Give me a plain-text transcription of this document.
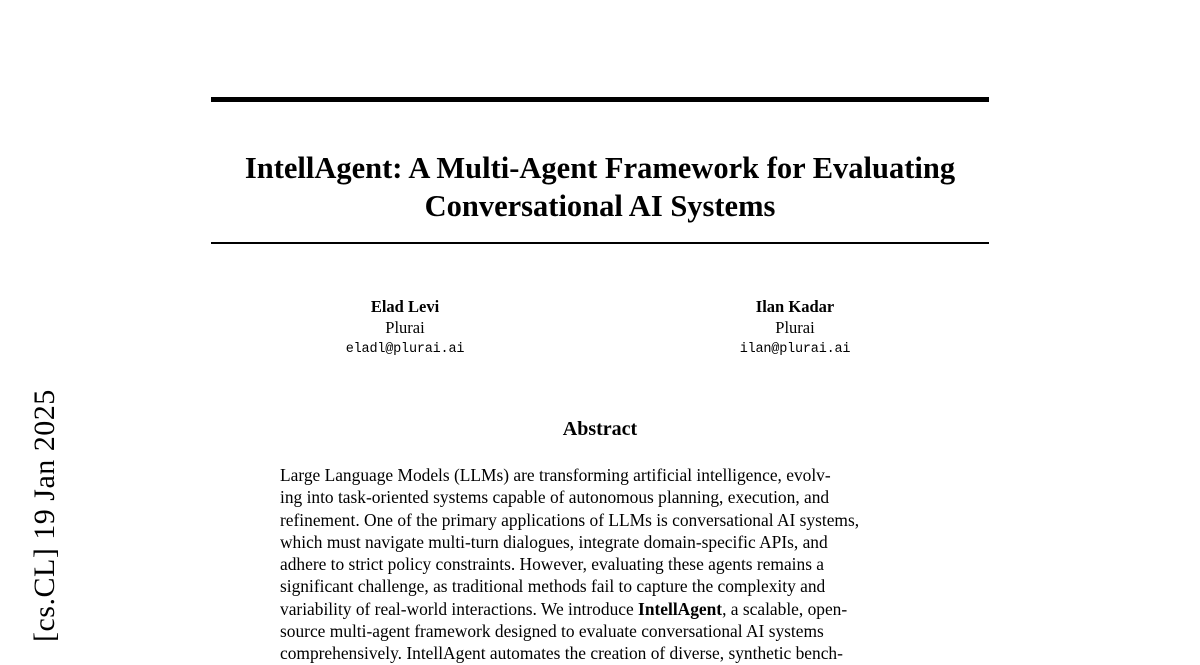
[cs.CL] 19 Jan 2025
IntellAgent: A Multi-Agent Framework for Evaluating
Conversational AI Systems
Elad Levi
Plurai
eladl@plurai.ai
Ilan Kadar
Plurai
ilan@plurai.ai
Abstract
Large Language Models (LLMs) are transforming artificial intelligence, evolv-
ing into task-oriented systems capable of autonomous planning, execution, and
refinement. One of the primary applications of LLMs is conversational AI systems,
which must navigate multi-turn dialogues, integrate domain-specific APIs, and
adhere to strict policy constraints. However, evaluating these agents remains a
significant challenge, as traditional methods fail to capture the complexity and
variability of real-world interactions. We introduce IntellAgent, a scalable, open-
source multi-agent framework designed to evaluate conversational AI systems
comprehensively. IntellAgent automates the creation of diverse, synthetic bench-
